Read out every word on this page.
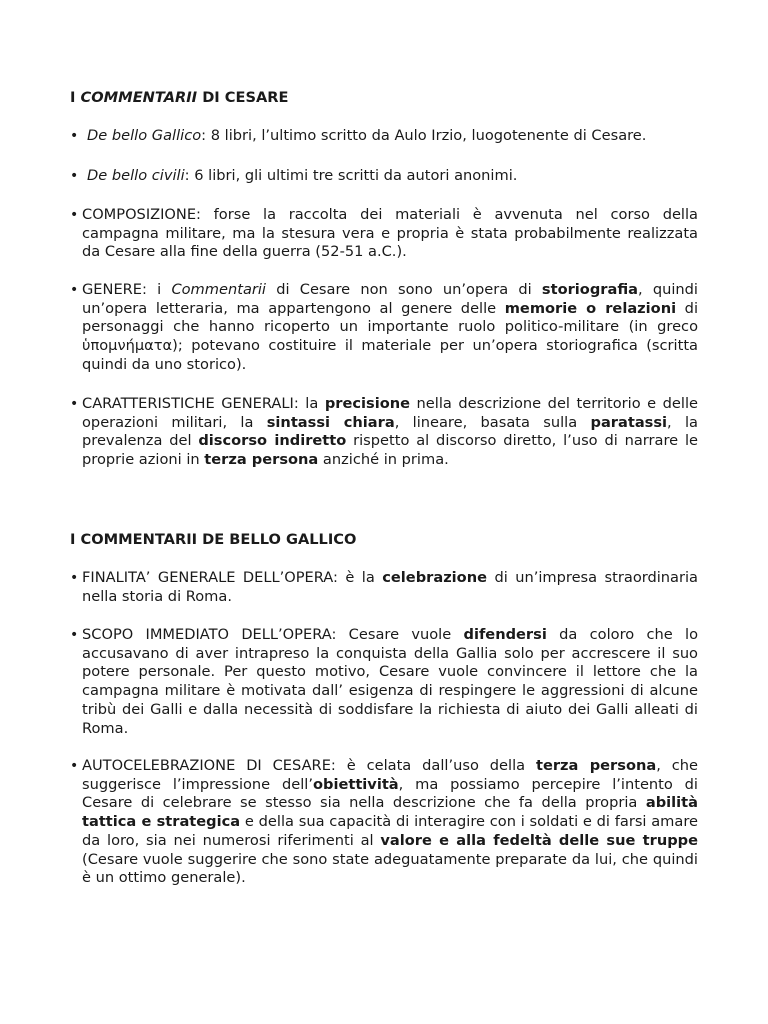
I COMMENTARII DI CESARE
• De bello Gallico: 8 libri, l’ultimo scritto da Aulo Irzio, luogotenente di Cesare.
• De bello civili: 6 libri, gli ultimi tre scritti da autori anonimi.
• COMPOSIZIONE: forse la raccolta dei materiali è avvenuta nel corso della campagna militare, ma la stesura vera e propria è stata probabilmente realizzata da Cesare alla fine della guerra (52-51 a.C.).
• GENERE: i Commentarii di Cesare non sono un’opera di storiografia, quindi un’opera letteraria, ma appartengono al genere delle memorie o relazioni di personaggi che hanno ricoperto un importante ruolo politico-militare (in greco ὑπομνήματα); potevano costituire il materiale per un’opera storiografica (scritta quindi da uno storico).
• CARATTERISTICHE GENERALI: la precisione nella descrizione del territorio e delle operazioni militari, la sintassi chiara, lineare, basata sulla paratassi, la prevalenza del discorso indiretto rispetto al discorso diretto, l’uso di narrare le proprie azioni in terza persona anziché in prima.
I COMMENTARII DE BELLO GALLICO
• FINALITA’ GENERALE DELL’OPERA: è la celebrazione di un’impresa straordinaria nella storia di Roma.
• SCOPO IMMEDIATO DELL’OPERA: Cesare vuole difendersi da coloro che lo accusavano di aver intrapreso la conquista della Gallia solo per accrescere il suo potere personale. Per questo motivo, Cesare vuole convincere il lettore che la campagna militare è motivata dall’ esigenza di respingere le aggressioni di alcune tribù dei Galli e dalla necessità di soddisfare la richiesta di aiuto dei Galli alleati di Roma.
• AUTOCELEBRAZIONE DI CESARE: è celata dall’uso della terza persona, che suggerisce l’impressione dell’obiettività, ma possiamo percepire l’intento di Cesare di celebrare se stesso sia nella descrizione che fa della propria abilità tattica e strategica e della sua capacità di interagire con i soldati e di farsi amare da loro, sia nei numerosi riferimenti al valore e alla fedeltà delle sue truppe (Cesare vuole suggerire che sono state adeguatamente preparate da lui, che quindi è un ottimo generale).
